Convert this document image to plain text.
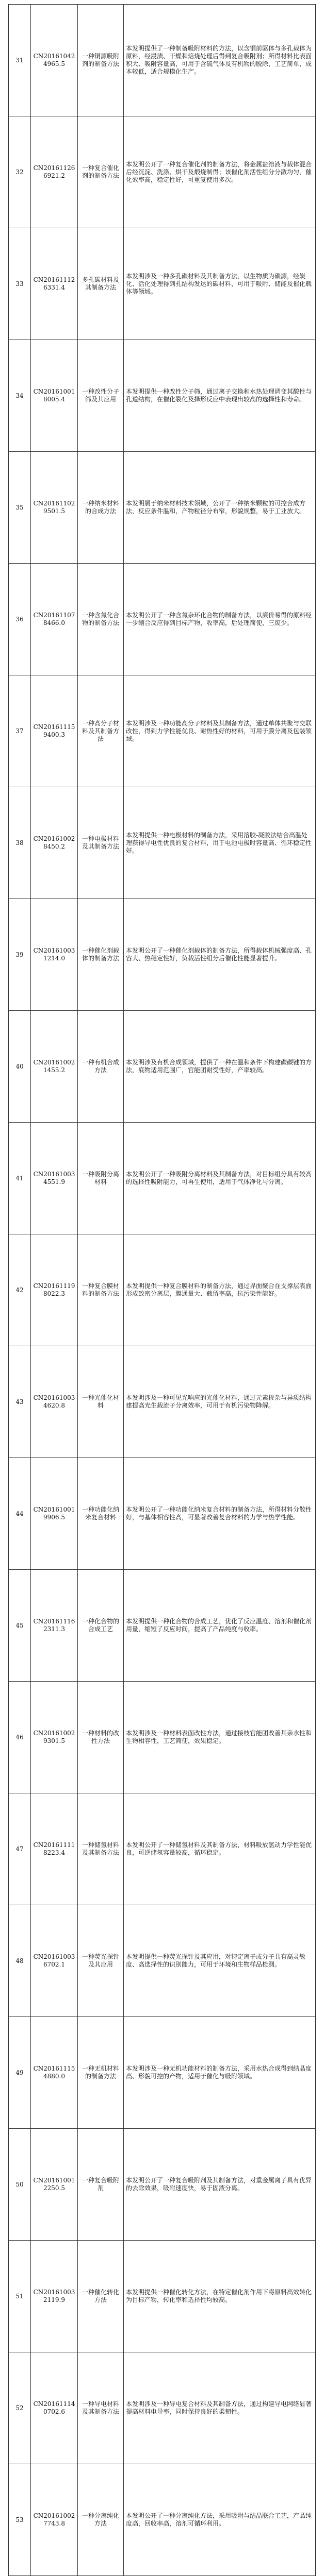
31	CN201610424965.5	一种铜源吸附剂的制备方法	本发明提供了一种制备吸附材料的方法，以含铜前驱体与多孔载体为原料，经浸渍、干燥和焙烧处理后得到复合吸附剂；所得材料比表面积大、吸附容量高，可用于含硫气体及有机物的脱除，工艺简单，成本较低，适合规模化生产。
32	CN201611266921.2	一种复合催化剂的制备方法	本发明公开了一种复合催化剂的制备方法，将金属盐溶液与载体混合后经沉淀、洗涤、烘干及煅烧制得；该催化剂活性组分分散均匀，催化效率高，稳定性好，可重复使用多次。
33	CN201611126331.4	多孔碳材料及其制备方法	本发明涉及一种多孔碳材料及其制备方法，以生物质为碳源，经炭化、活化处理得到孔结构发达的碳材料，可用于吸附、储能及催化载体等领域。
34	CN201610018005.4	一种改性分子筛及其应用	本发明提供一种改性分子筛，通过离子交换和水热处理调变其酸性与孔道结构，在催化裂化及择形反应中表现出较高的选择性和寿命。
35	CN201611029501.5	一种纳米材料的合成方法	本发明属于纳米材料技术领域，公开了一种纳米颗粒的可控合成方法，反应条件温和，产物粒径分布窄，形貌规整，易于工业放大。
36	CN201611078466.0	一种含氮化合物的制备方法	本发明公开了一种含氮杂环化合物的制备方法，以廉价易得的原料经一步缩合反应得到目标产物，收率高，后处理简便，三废少。
37	CN201611159400.3	一种高分子材料及其制备方法	本发明涉及一种功能高分子材料及其制备方法，通过单体共聚与交联改性，得到力学性能优良、耐热性好的材料，可用于膜分离及包装领域。
38	CN201610028450.2	一种电极材料及其制备方法	本发明提供一种电极材料的制备方法，采用溶胶-凝胶法结合高温处理获得导电性优良的复合材料，用于电池电极时容量高、循环稳定性好。
39	CN201610031214.0	一种催化剂载体的制备方法	本发明公开了一种催化剂载体的制备方法，所得载体机械强度高、孔容大、热稳定性好，负载活性组分后催化性能显著提升。
40	CN201610021455.2	一种有机合成方法	本发明涉及有机合成领域，提供了一种在温和条件下构建碳碳键的方法，底物适用范围广，官能团耐受性好，产率较高。
41	CN201610034551.9	一种吸附分离材料	本发明公开了一种吸附分离材料及其制备方法，对目标组分具有较高的选择性吸附能力，可再生使用，适用于气体净化与分离。
42	CN201611198022.3	一种复合膜材料的制备方法	本发明提供一种复合膜材料的制备方法，通过界面聚合在支撑层表面形成致密分离层，膜通量大、截留率高，抗污染性能好。
43	CN201610034620.8	一种光催化材料	本发明涉及一种可见光响应的光催化材料，通过元素掺杂与异质结构建提高光生载流子分离效率，可用于有机污染物降解。
44	CN201610019906.5	一种功能化纳米复合材料	本发明公开了一种功能化纳米复合材料的制备方法，所得材料分散性好，与基体相容性高，可显著改善复合材料的力学与热学性能。
45	CN201611162311.3	一种化合物的合成工艺	本发明提供一种化合物的合成工艺，优化了反应温度、溶剂和催化剂用量，缩短了反应时间，提高了产品纯度与收率。
46	CN201610029301.5	一种材料的改性方法	本发明涉及一种材料表面改性方法，通过接枝官能团改善其亲水性和生物相容性，工艺简便，效果稳定。
47	CN201611118223.4	一种储氢材料及其制备方法	本发明公开了一种储氢材料及其制备方法，材料吸放氢动力学性能优良，可逆储氢容量较高，循环稳定。
48	CN201610036702.1	一种荧光探针及其应用	本发明提供一种荧光探针及其应用，对特定离子或分子具有高灵敏度、高选择性的识别能力，可用于环境和生物样品检测。
49	CN201611154880.0	一种无机材料的制备方法	本发明涉及一种无机功能材料的制备方法，采用水热合成得到结晶度高、形貌可控的产物，适用于催化与吸附领域。
50	CN201610012250.5	一种复合吸附剂	本发明公开了一种复合吸附剂及其制备方法，对重金属离子具有优异的去除效果，吸附速度快，易于固液分离。
51	CN201610032119.9	一种催化转化方法	本发明提供一种催化转化方法，在特定催化剂作用下将原料高效转化为目标产物，转化率和选择性均较高。
52	CN201611140702.6	一种导电材料及其制备方法	本发明涉及一种导电复合材料及其制备方法，通过构建导电网络显著提高材料电导率，同时保持良好的柔韧性。
53	CN201610027743.8	一种分离纯化方法	本发明公开了一种分离纯化方法，采用吸附与结晶联合工艺，产品纯度高，回收率高，溶剂可循环利用。
